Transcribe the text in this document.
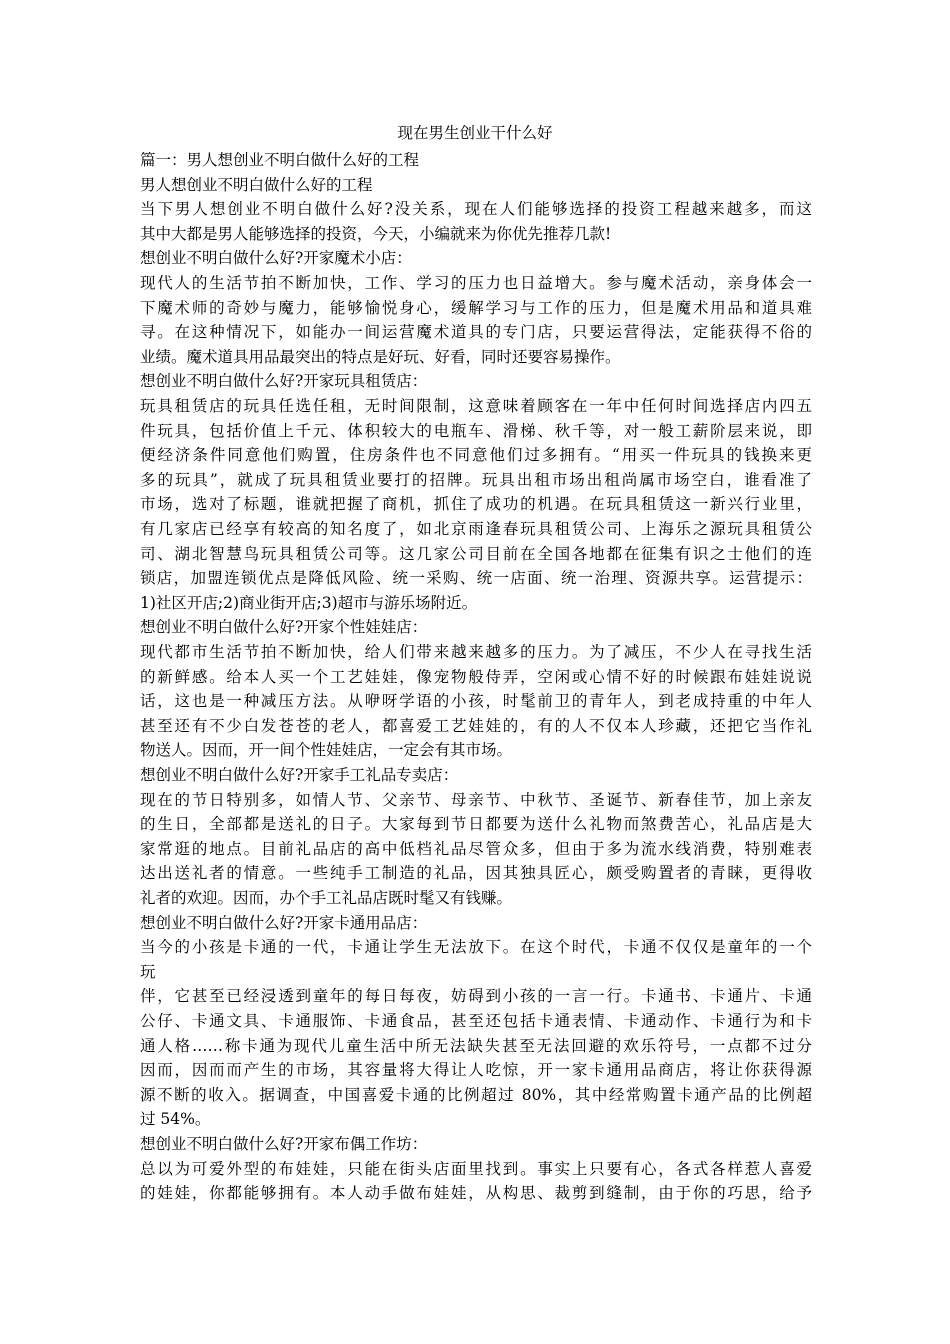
现在男生创业干什么好
篇一：男人想创业不明白做什么好的工程
男人想创业不明白做什么好的工程
当下男人想创业不明白做什么好?没关系，现在人们能够选择的投资工程越来越多，而这
其中大都是男人能够选择的投资，今天，小编就来为你优先推荐几款!
想创业不明白做什么好?开家魔术小店：
现代人的生活节拍不断加快，工作、学习的压力也日益增大。参与魔术活动，亲身体会一
下魔术师的奇妙与魔力，能够愉悦身心，缓解学习与工作的压力，但是魔术用品和道具难
寻。在这种情况下，如能办一间运营魔术道具的专门店，只要运营得法，定能获得不俗的
业绩。魔术道具用品最突出的特点是好玩、好看，同时还要容易操作。
想创业不明白做什么好?开家玩具租赁店：
玩具租赁店的玩具任选任租，无时间限制，这意味着顾客在一年中任何时间选择店内四五
件玩具，包括价值上千元、体积较大的电瓶车、滑梯、秋千等，对一般工薪阶层来说，即
便经济条件同意他们购置，住房条件也不同意他们过多拥有。“用买一件玩具的钱换来更
多的玩具”，就成了玩具租赁业要打的招牌。玩具出租市场出租尚属市场空白，谁看准了
市场，选对了标题，谁就把握了商机，抓住了成功的机遇。在玩具租赁这一新兴行业里，
有几家店已经享有较高的知名度了，如北京雨逢春玩具租赁公司、上海乐之源玩具租赁公
司、湖北智慧鸟玩具租赁公司等。这几家公司目前在全国各地都在征集有识之士他们的连
锁店，加盟连锁优点是降低风险、统一采购、统一店面、统一治理、资源共享。运营提示：
1)社区开店;2)商业街开店;3)超市与游乐场附近。
想创业不明白做什么好?开家个性娃娃店：
现代都市生活节拍不断加快，给人们带来越来越多的压力。为了减压，不少人在寻找生活
的新鲜感。给本人买一个工艺娃娃，像宠物般侍弄，空闲或心情不好的时候跟布娃娃说说
话，这也是一种减压方法。从咿呀学语的小孩，时髦前卫的青年人，到老成持重的中年人
甚至还有不少白发苍苍的老人，都喜爱工艺娃娃的，有的人不仅本人珍藏，还把它当作礼
物送人。因而，开一间个性娃娃店，一定会有其市场。
想创业不明白做什么好?开家手工礼品专卖店：
现在的节日特别多，如情人节、父亲节、母亲节、中秋节、圣诞节、新春佳节，加上亲友
的生日，全部都是送礼的日子。大家每到节日都要为送什么礼物而煞费苦心，礼品店是大
家常逛的地点。目前礼品店的高中低档礼品尽管众多，但由于多为流水线消费，特别难表
达出送礼者的情意。一些纯手工制造的礼品，因其独具匠心，颇受购置者的青睐，更得收
礼者的欢迎。因而，办个手工礼品店既时髦又有钱赚。
想创业不明白做什么好?开家卡通用品店：
当今的小孩是卡通的一代，卡通让学生无法放下。在这个时代，卡通不仅仅是童年的一个
玩
伴，它甚至已经浸透到童年的每日每夜，妨碍到小孩的一言一行。卡通书、卡通片、卡通
公仔、卡通文具、卡通服饰、卡通食品，甚至还包括卡通表情、卡通动作、卡通行为和卡
通人格……称卡通为现代儿童生活中所无法缺失甚至无法回避的欢乐符号，一点都不过分
因而，因而而产生的市场，其容量将大得让人吃惊，开一家卡通用品商店，将让你获得源
源不断的收入。据调查，中国喜爱卡通的比例超过 80%，其中经常购置卡通产品的比例超
过 54%。
想创业不明白做什么好?开家布偶工作坊：
总以为可爱外型的布娃娃，只能在街头店面里找到。事实上只要有心，各式各样惹人喜爱
的娃娃，你都能够拥有。本人动手做布娃娃，从构思、裁剪到缝制，由于你的巧思，给予
